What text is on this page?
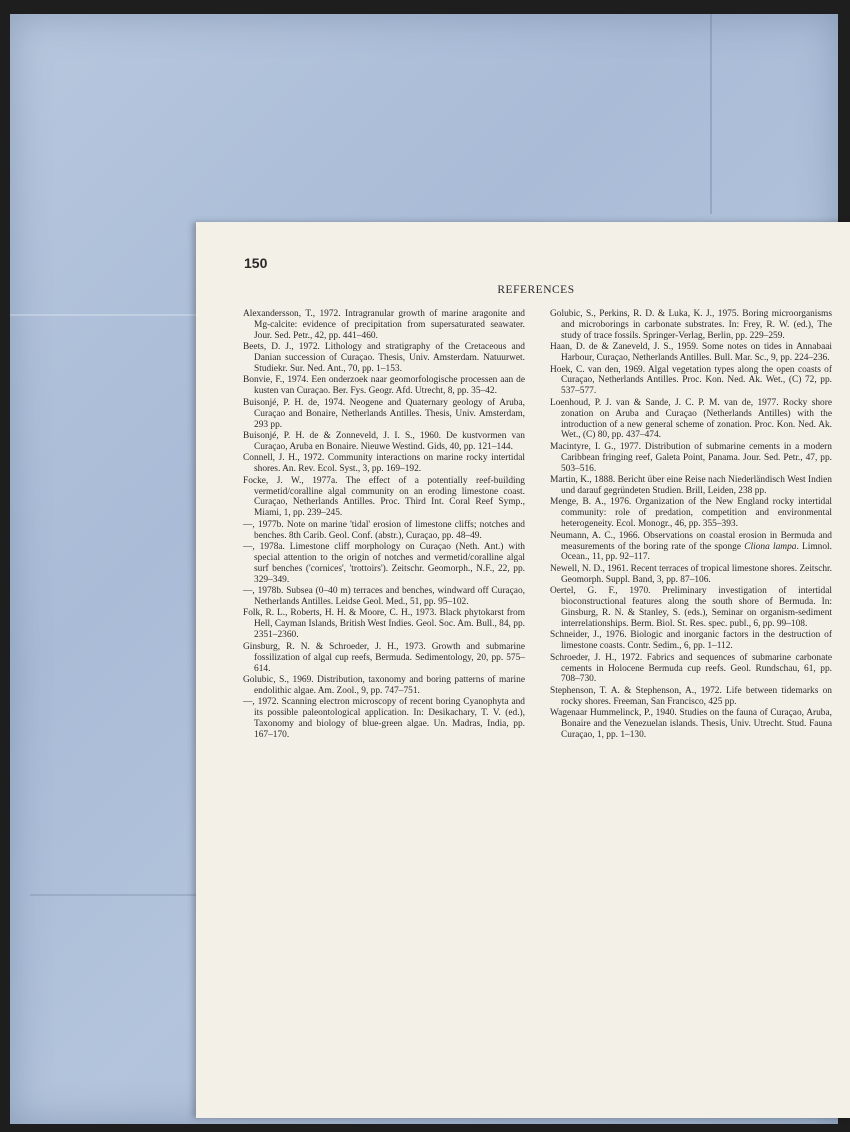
150
REFERENCES

Alexandersson, T., 1972. Intragranular growth of marine aragonite and Mg-calcite: evidence of precipitation from supersaturated seawater. Jour. Sed. Petr., 42, pp. 441–460.

Beets, D. J., 1972. Lithology and stratigraphy of the Cretaceous and Danian succession of Curaçao. Thesis, Univ. Amsterdam. Natuurwet. Studiekr. Sur. Ned. Ant., 70, pp. 1–153.

Bonvie, F., 1974. Een onderzoek naar geomorfologische processen aan de kusten van Curaçao. Ber. Fys. Geogr. Afd. Utrecht, 8, pp. 35–42.

Buisonjé, P. H. de, 1974. Neogene and Quaternary geology of Aruba, Curaçao and Bonaire, Netherlands Antilles. Thesis, Univ. Amsterdam, 293 pp.

Buisonjé, P. H. de & Zonneveld, J. I. S., 1960. De kustvormen van Curaçao, Aruba en Bonaire. Nieuwe Westind. Gids, 40, pp. 121–144.

Connell, J. H., 1972. Community interactions on marine rocky intertidal shores. An. Rev. Ecol. Syst., 3, pp. 169–192.

Focke, J. W., 1977a. The effect of a potentially reef-building vermetid/coralline algal community on an eroding limestone coast. Curaçao, Netherlands Antilles. Proc. Third Int. Coral Reef Symp., Miami, 1, pp. 239–245.

—, 1977b. Note on marine 'tidal' erosion of limestone cliffs; notches and benches. 8th Carib. Geol. Conf. (abstr.), Curaçao, pp. 48–49.

—, 1978a. Limestone cliff morphology on Curaçao (Neth. Ant.) with special attention to the origin of notches and vermetid/coralline algal surf benches ('cornices', 'trottoirs'). Zeitschr. Geomorph., N.F., 22, pp. 329–349.

—, 1978b. Subsea (0–40 m) terraces and benches, windward off Curaçao, Netherlands Antilles. Leidse Geol. Med., 51, pp. 95–102.

Folk, R. L., Roberts, H. H. & Moore, C. H., 1973. Black phytokarst from Hell, Cayman Islands, British West Indies. Geol. Soc. Am. Bull., 84, pp. 2351–2360.

Ginsburg, R. N. & Schroeder, J. H., 1973. Growth and submarine fossilization of algal cup reefs, Bermuda. Sedimentology, 20, pp. 575–614.

Golubic, S., 1969. Distribution, taxonomy and boring patterns of marine endolithic algae. Am. Zool., 9, pp. 747–751.

—, 1972. Scanning electron microscopy of recent boring Cyanophyta and its possible paleontological application. In: Desikachary, T. V. (ed.), Taxonomy and biology of blue-green algae. Un. Madras, India, pp. 167–170.

Golubic, S., Perkins, R. D. & Luka, K. J., 1975. Boring microorganisms and microborings in carbonate substrates. In: Frey, R. W. (ed.), The study of trace fossils. Springer-Verlag, Berlin, pp. 229–259.

Haan, D. de & Zaneveld, J. S., 1959. Some notes on tides in Annabaai Harbour, Curaçao, Netherlands Antilles. Bull. Mar. Sc., 9, pp. 224–236.

Hoek, C. van den, 1969. Algal vegetation types along the open coasts of Curaçao, Netherlands Antilles. Proc. Kon. Ned. Ak. Wet., (C) 72, pp. 537–577.

Loenhoud, P. J. van & Sande, J. C. P. M. van de, 1977. Rocky shore zonation on Aruba and Curaçao (Netherlands Antilles) with the introduction of a new general scheme of zonation. Proc. Kon. Ned. Ak. Wet., (C) 80, pp. 437–474.

Macintyre, I. G., 1977. Distribution of submarine cements in a modern Caribbean fringing reef, Galeta Point, Panama. Jour. Sed. Petr., 47, pp. 503–516.

Martin, K., 1888. Bericht über eine Reise nach Niederländisch West Indien und darauf gegründeten Studien. Brill, Leiden, 238 pp.

Menge, B. A., 1976. Organization of the New England rocky intertidal community: role of predation, competition and environmental heterogeneity. Ecol. Monogr., 46, pp. 355–393.

Neumann, A. C., 1966. Observations on coastal erosion in Bermuda and measurements of the boring rate of the sponge Cliona lampa. Limnol. Ocean., 11, pp. 92–117.

Newell, N. D., 1961. Recent terraces of tropical limestone shores. Zeitschr. Geomorph. Suppl. Band, 3, pp. 87–106.

Oertel, G. F., 1970. Preliminary investigation of intertidal bioconstructional features along the south shore of Bermuda. In: Ginsburg, R. N. & Stanley, S. (eds.), Seminar on organism-sediment interrelationships. Berm. Biol. St. Res. spec. publ., 6, pp. 99–108.

Schneider, J., 1976. Biologic and inorganic factors in the destruction of limestone coasts. Contr. Sedim., 6, pp. 1–112.

Schroeder, J. H., 1972. Fabrics and sequences of submarine carbonate cements in Holocene Bermuda cup reefs. Geol. Rundschau, 61, pp. 708–730.

Stephenson, T. A. & Stephenson, A., 1972. Life between tidemarks on rocky shores. Freeman, San Francisco, 425 pp.

Wagenaar Hummelinck, P., 1940. Studies on the fauna of Curaçao, Aruba, Bonaire and the Venezuelan islands. Thesis, Univ. Utrecht. Stud. Fauna Curaçao, 1, pp. 1–130.
